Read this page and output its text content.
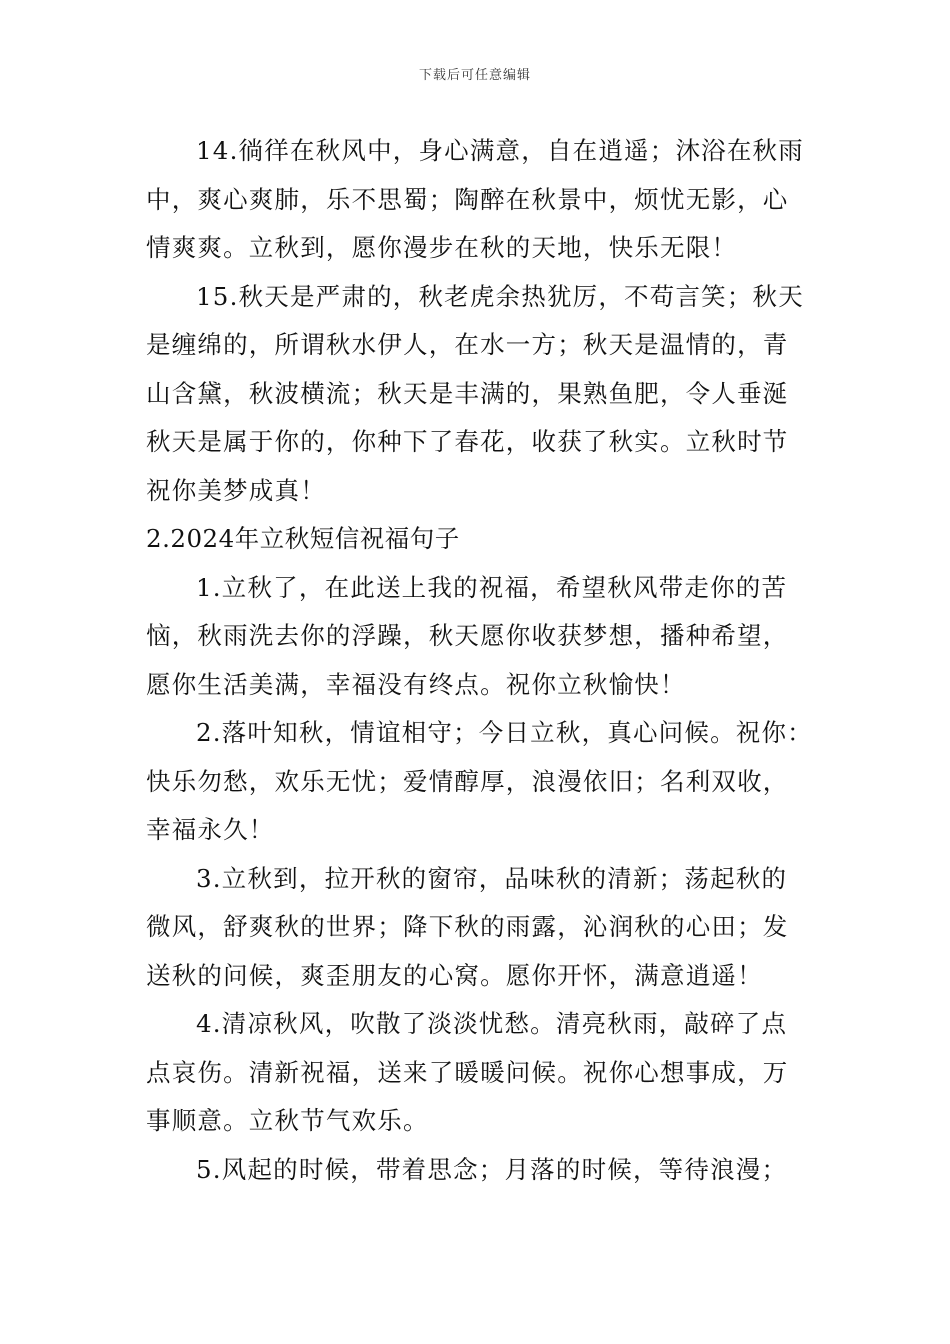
下载后可任意编辑
14.徜徉在秋风中，身心满意，自在逍遥；沐浴在秋雨
中，爽心爽肺，乐不思蜀；陶醉在秋景中，烦忧无影，心
情爽爽。立秋到，愿你漫步在秋的天地，快乐无限！
15.秋天是严肃的，秋老虎余热犹厉，不苟言笑；秋天
是缠绵的，所谓秋水伊人，在水一方；秋天是温情的，青
山含黛，秋波横流；秋天是丰满的，果熟鱼肥，令人垂涎
秋天是属于你的，你种下了春花，收获了秋实。立秋时节
祝你美梦成真！
2.2024年立秋短信祝福句子
1.立秋了，在此送上我的祝福，希望秋风带走你的苦
恼，秋雨洗去你的浮躁，秋天愿你收获梦想，播种希望，
愿你生活美满，幸福没有终点。祝你立秋愉快！
2.落叶知秋，情谊相守；今日立秋，真心问候。祝你：
快乐勿愁，欢乐无忧；爱情醇厚，浪漫依旧；名利双收，
幸福永久！
3.立秋到，拉开秋的窗帘，品味秋的清新；荡起秋的
微风，舒爽秋的世界；降下秋的雨露，沁润秋的心田；发
送秋的问候，爽歪朋友的心窝。愿你开怀，满意逍遥！
4.清凉秋风，吹散了淡淡忧愁。清亮秋雨，敲碎了点
点哀伤。清新祝福，送来了暖暖问候。祝你心想事成，万
事顺意。立秋节气欢乐。
5.风起的时候，带着思念；月落的时候，等待浪漫；
